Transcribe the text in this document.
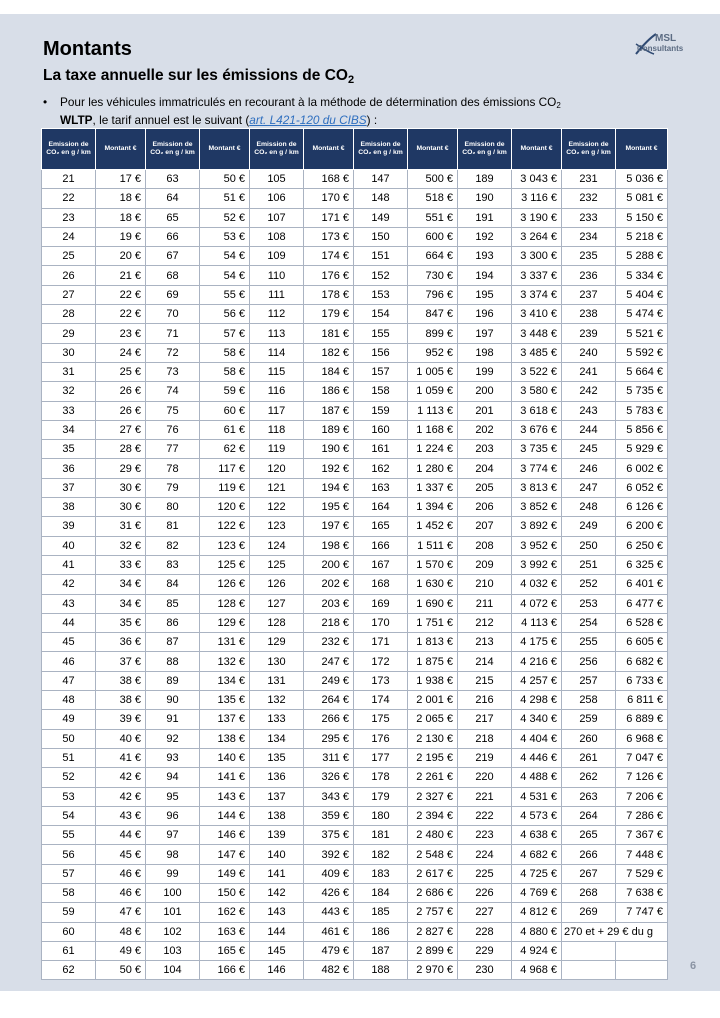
Montants
La taxe annuelle sur les émissions de $CO_2$
MSL
Consultants
• Pour les véhicules immatriculés en recourant à la méthode de détermination des émissions CO2
WLTP, le tarif annuel est le suivant (art. L421-120 du CIBS) :
Emission de CO₂ en g / km	Montant €	Emission de CO₂ en g / km	Montant €	Emission de CO₂ en g / km	Montant €	Emission de CO₂ en g / km	Montant €	Emission de CO₂ en g / km	Montant €	Emission de CO₂ en g / km	Montant €
21	17 €	63	50 €	105	168 €	147	500 €	189	3 043 €	231	5 036 €
22	18 €	64	51 €	106	170 €	148	518 €	190	3 116 €	232	5 081 €
23	18 €	65	52 €	107	171 €	149	551 €	191	3 190 €	233	5 150 €
24	19 €	66	53 €	108	173 €	150	600 €	192	3 264 €	234	5 218 €
25	20 €	67	54 €	109	174 €	151	664 €	193	3 300 €	235	5 288 €
26	21 €	68	54 €	110	176 €	152	730 €	194	3 337 €	236	5 334 €
27	22 €	69	55 €	111	178 €	153	796 €	195	3 374 €	237	5 404 €
28	22 €	70	56 €	112	179 €	154	847 €	196	3 410 €	238	5 474 €
29	23 €	71	57 €	113	181 €	155	899 €	197	3 448 €	239	5 521 €
30	24 €	72	58 €	114	182 €	156	952 €	198	3 485 €	240	5 592 €
31	25 €	73	58 €	115	184 €	157	1 005 €	199	3 522 €	241	5 664 €
32	26 €	74	59 €	116	186 €	158	1 059 €	200	3 580 €	242	5 735 €
33	26 €	75	60 €	117	187 €	159	1 113 €	201	3 618 €	243	5 783 €
34	27 €	76	61 €	118	189 €	160	1 168 €	202	3 676 €	244	5 856 €
35	28 €	77	62 €	119	190 €	161	1 224 €	203	3 735 €	245	5 929 €
36	29 €	78	117 €	120	192 €	162	1 280 €	204	3 774 €	246	6 002 €
37	30 €	79	119 €	121	194 €	163	1 337 €	205	3 813 €	247	6 052 €
38	30 €	80	120 €	122	195 €	164	1 394 €	206	3 852 €	248	6 126 €
39	31 €	81	122 €	123	197 €	165	1 452 €	207	3 892 €	249	6 200 €
40	32 €	82	123 €	124	198 €	166	1 511 €	208	3 952 €	250	6 250 €
41	33 €	83	125 €	125	200 €	167	1 570 €	209	3 992 €	251	6 325 €
42	34 €	84	126 €	126	202 €	168	1 630 €	210	4 032 €	252	6 401 €
43	34 €	85	128 €	127	203 €	169	1 690 €	211	4 072 €	253	6 477 €
44	35 €	86	129 €	128	218 €	170	1 751 €	212	4 113 €	254	6 528 €
45	36 €	87	131 €	129	232 €	171	1 813 €	213	4 175 €	255	6 605 €
46	37 €	88	132 €	130	247 €	172	1 875 €	214	4 216 €	256	6 682 €
47	38 €	89	134 €	131	249 €	173	1 938 €	215	4 257 €	257	6 733 €
48	38 €	90	135 €	132	264 €	174	2 001 €	216	4 298 €	258	6 811 €
49	39 €	91	137 €	133	266 €	175	2 065 €	217	4 340 €	259	6 889 €
50	40 €	92	138 €	134	295 €	176	2 130 €	218	4 404 €	260	6 968 €
51	41 €	93	140 €	135	311 €	177	2 195 €	219	4 446 €	261	7 047 €
52	42 €	94	141 €	136	326 €	178	2 261 €	220	4 488 €	262	7 126 €
53	42 €	95	143 €	137	343 €	179	2 327 €	221	4 531 €	263	7 206 €
54	43 €	96	144 €	138	359 €	180	2 394 €	222	4 573 €	264	7 286 €
55	44 €	97	146 €	139	375 €	181	2 480 €	223	4 638 €	265	7 367 €
56	45 €	98	147 €	140	392 €	182	2 548 €	224	4 682 €	266	7 448 €
57	46 €	99	149 €	141	409 €	183	2 617 €	225	4 725 €	267	7 529 €
58	46 €	100	150 €	142	426 €	184	2 686 €	226	4 769 €	268	7 638 €
59	47 €	101	162 €	143	443 €	185	2 757 €	227	4 812 €	269	7 747 €
60	48 €	102	163 €	144	461 €	186	2 827 €	228	4 880 €	270 et + 29 € du g	
61	49 €	103	165 €	145	479 €	187	2 899 €	229	4 924 €		
62	50 €	104	166 €	146	482 €	188	2 970 €	230	4 968 €			6
